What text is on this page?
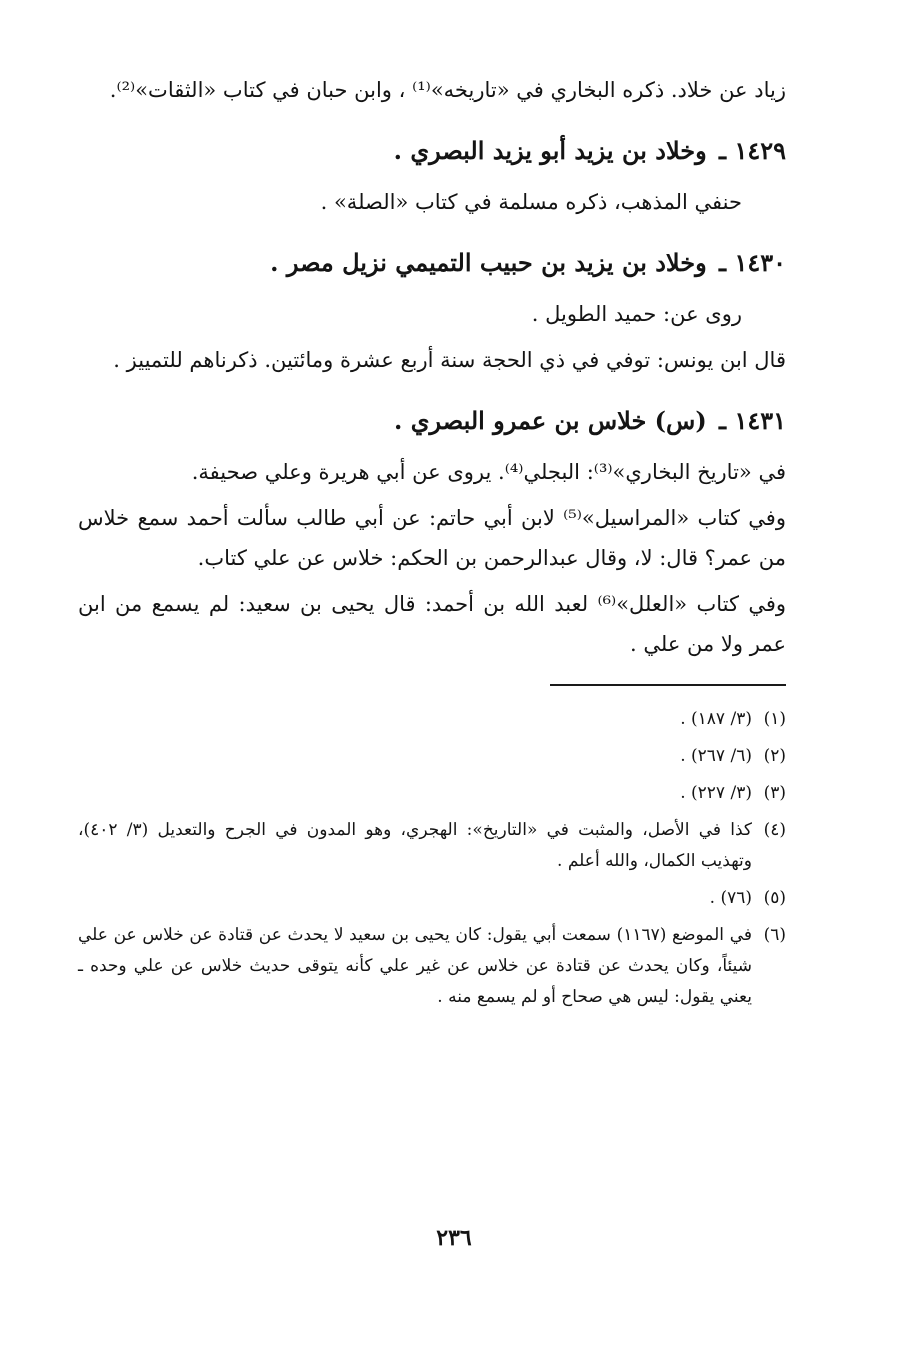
زياد عن خلاد. ذكره البخاري في «تاريخه»⁽¹⁾ ، وابن حبان في كتاب «الثقات»⁽²⁾.

١٤٢٩ ـ وخلاد بن يزيد أبو يزيد البصري .

حنفي المذهب، ذكره مسلمة في كتاب «الصلة» .

١٤٣٠ ـ وخلاد بن يزيد بن حبيب التميمي نزيل مصر .

روى عن: حميد الطويل .

قال ابن يونس: توفي في ذي الحجة سنة أربع عشرة ومائتين. ذكرناهم للتمييز .

١٤٣١ ـ (س) خلاس بن عمرو البصري .

في «تاريخ البخاري»⁽³⁾: البجلي⁽⁴⁾. يروى عن أبي هريرة وعلي صحيفة.

وفي كتاب «المراسيل»⁽⁵⁾ لابن أبي حاتم: عن أبي طالب سألت أحمد سمع خلاس من عمر؟ قال: لا، وقال عبدالرحمن بن الحكم: خلاس عن علي كتاب.

وفي كتاب «العلل»⁽⁶⁾ لعبد الله بن أحمد: قال يحيى بن سعيد: لم يسمع من ابن عمر ولا من علي .

(١)
(٣/ ١٨٧) .
(٢)
(٦/ ٢٦٧) .
(٣)
(٣/ ٢٢٧) .
(٤)
كذا في الأصل، والمثبت في «التاريخ»: الهجري، وهو المدون في الجرح والتعديل (٣/ ٤٠٢)، وتهذيب الكمال، والله أعلم .
(٥)
(٧٦) .
(٦)
في الموضع (١١٦٧) سمعت أبي يقول: كان يحيى بن سعيد لا يحدث عن قتادة عن خلاس عن علي شيئاً، وكان يحدث عن قتادة عن خلاس عن غير علي كأنه يتوقى حديث خلاس عن علي وحده ـ يعني يقول: ليس هي صحاح أو لم يسمع منه .
٢٣٦
